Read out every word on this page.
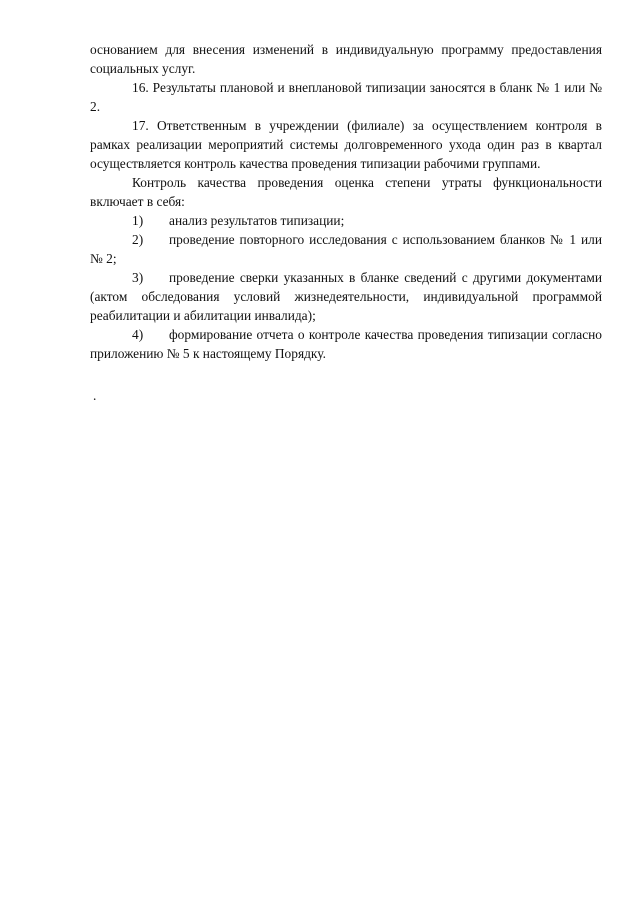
основанием для внесения изменений в индивидуальную программу предоставления социальных услуг.

16. Результаты плановой и внеплановой типизации заносятся в бланк № 1 или № 2.

17. Ответственным в учреждении (филиале) за осуществлением контроля в рамках реализации мероприятий системы долговременного ухода один раз в квартал осуществляется контроль качества проведения типизации рабочими группами.

Контроль качества проведения оценка степени утраты функциональности включает в себя:

1) анализ результатов типизации;

2) проведение повторного исследования с использованием бланков № 1 или № 2;

3) проведение сверки указанных в бланке сведений с другими документами (актом обследования условий жизнедеятельности, индивидуальной программой реабилитации и абилитации инвалида);

4) формирование отчета о контроле качества проведения типизации согласно приложению № 5 к настоящему Порядку.

.
